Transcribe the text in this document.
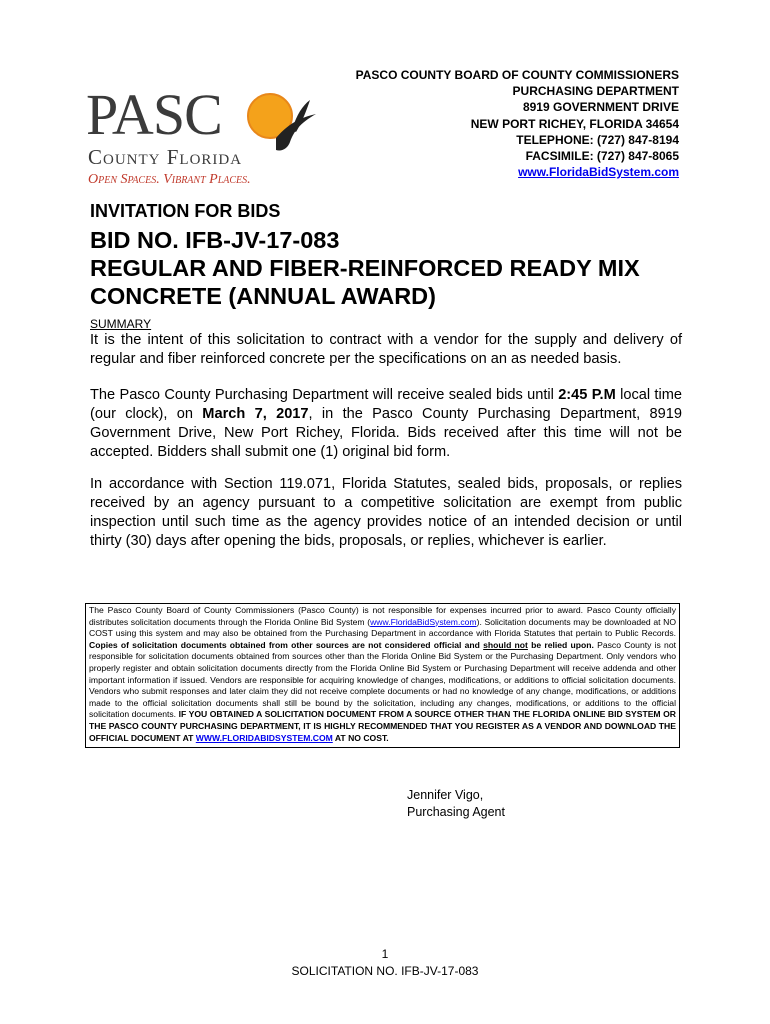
PASC
County Florida
Open Spaces. Vibrant Places.
PASCO COUNTY BOARD OF COUNTY COMMISSIONERS
PURCHASING DEPARTMENT
8919 GOVERNMENT DRIVE
NEW PORT RICHEY, FLORIDA 34654
TELEPHONE: (727) 847-8194
FACSIMILE: (727) 847-8065
www.FloridaBidSystem.com
INVITATION FOR BIDS
BID NO. IFB-JV-17-083
REGULAR AND FIBER-REINFORCED READY MIX
CONCRETE (ANNUAL AWARD)
SUMMARY
It is the intent of this solicitation to contract with a vendor for the supply and delivery of regular and fiber reinforced concrete per the specifications on an as needed basis.
The Pasco County Purchasing Department will receive sealed bids until 2:45 P.M local time (our clock), on March 7, 2017, in the Pasco County Purchasing Department, 8919 Government Drive, New Port Richey, Florida. Bids received after this time will not be accepted. Bidders shall submit one (1) original bid form.
In accordance with Section 119.071, Florida Statutes, sealed bids, proposals, or replies received by an agency pursuant to a competitive solicitation are exempt from public inspection until such time as the agency provides notice of an intended decision or until thirty (30) days after opening the bids, proposals, or replies, whichever is earlier.
The Pasco County Board of County Commissioners (Pasco County) is not responsible for expenses incurred prior to award. Pasco County officially distributes solicitation documents through the Florida Online Bid System (www.FloridaBidSystem.com). Solicitation documents may be downloaded at NO COST using this system and may also be obtained from the Purchasing Department in accordance with Florida Statutes that pertain to Public Records. Copies of solicitation documents obtained from other sources are not considered official and should not be relied upon. Pasco County is not responsible for solicitation documents obtained from sources other than the Florida Online Bid System or the Purchasing Department. Only vendors who properly register and obtain solicitation documents directly from the Florida Online Bid System or Purchasing Department will receive addenda and other important information if issued. Vendors are responsible for acquiring knowledge of changes, modifications, or additions to official solicitation documents. Vendors who submit responses and later claim they did not receive complete documents or had no knowledge of any change, modifications, or additions made to the official solicitation documents shall still be bound by the solicitation, including any changes, modifications, or additions to the official solicitation documents. IF YOU OBTAINED A SOLICITATION DOCUMENT FROM A SOURCE OTHER THAN THE FLORIDA ONLINE BID SYSTEM OR THE PASCO COUNTY PURCHASING DEPARTMENT, IT IS HIGHLY RECOMMENDED THAT YOU REGISTER AS A VENDOR AND DOWNLOAD THE OFFICIAL DOCUMENT AT WWW.FLORIDABIDSYSTEM.COM AT NO COST.
Jennifer Vigo,
Purchasing Agent
1
SOLICITATION NO. IFB-JV-17-083
